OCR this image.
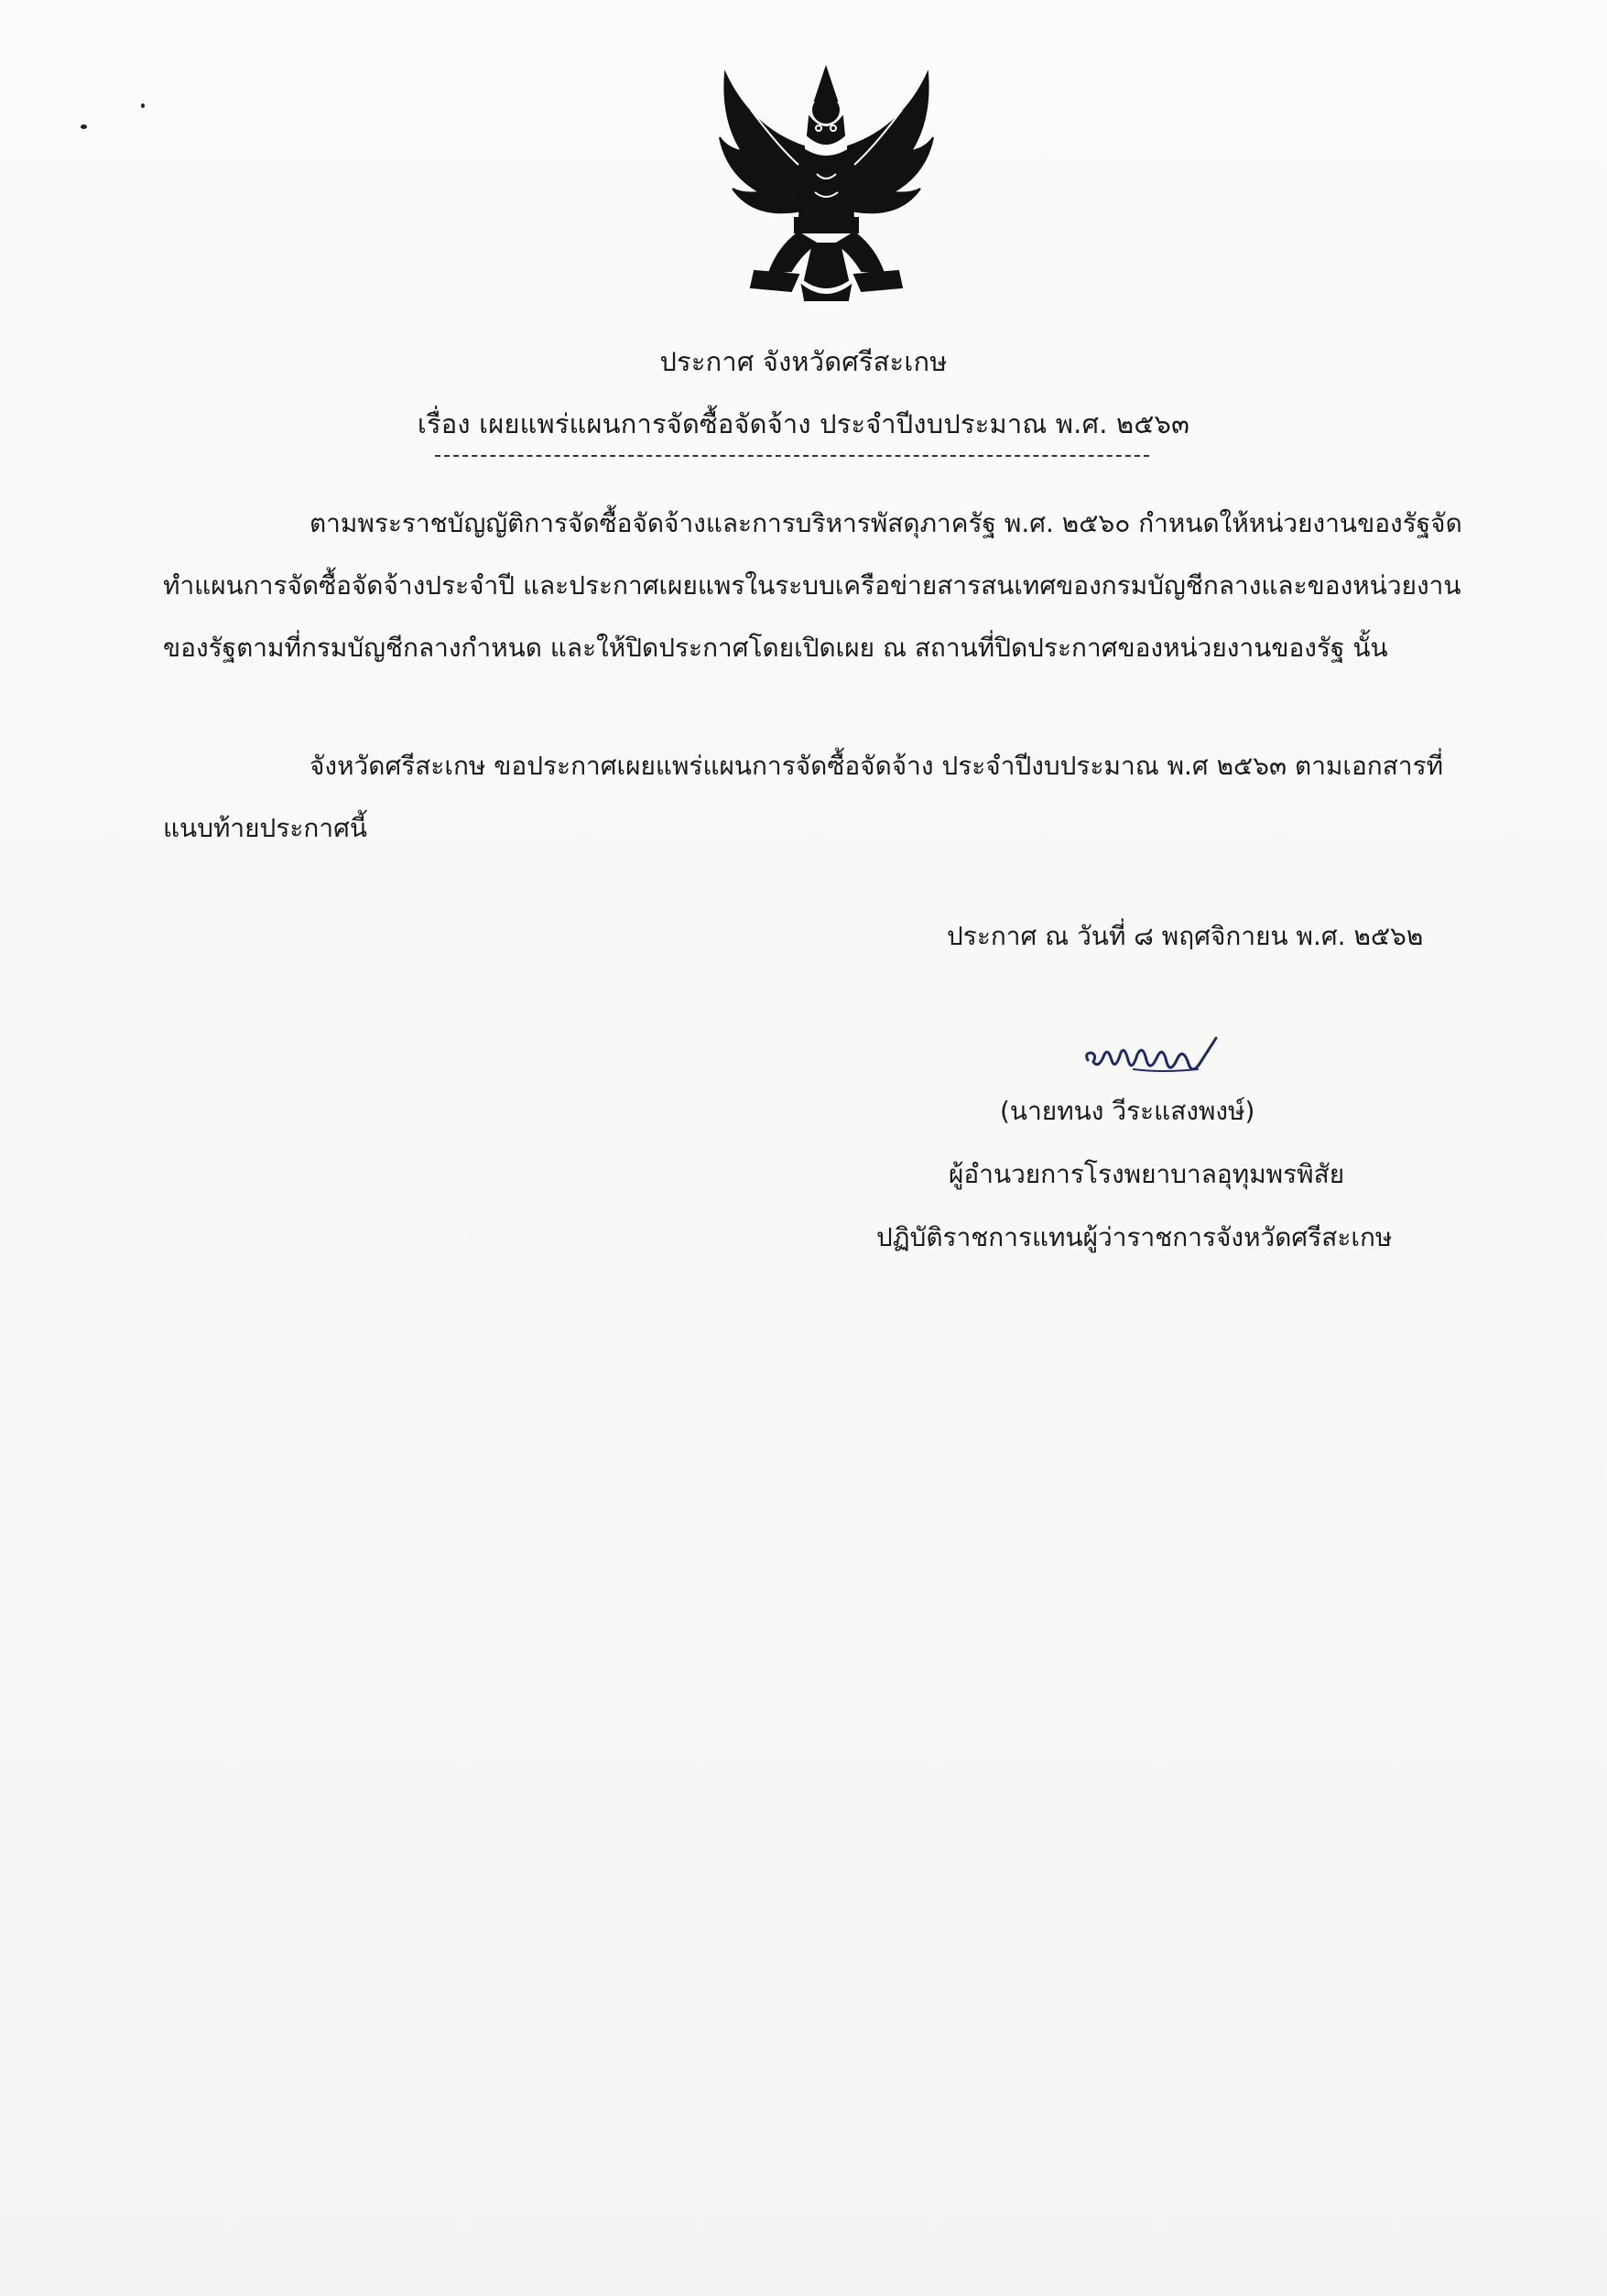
ประกาศ จังหวัดศรีสะเกษ
เรื่อง เผยแพร่แผนการจัดซื้อจัดจ้าง ประจำปีงบประมาณ พ.ศ. ๒๕๖๓
ตามพระราชบัญญัติการจัดซื้อจัดจ้างและการบริหารพัสดุภาครัฐ พ.ศ. ๒๕๖๐ กำหนดให้หน่วยงานของรัฐจัดทำแผนการจัดซื้อจัดจ้างประจำปี และประกาศเผยแพรในระบบเครือข่ายสารสนเทศของกรมบัญชีกลางและของหน่วยงานของรัฐตามที่กรมบัญชีกลางกำหนด และให้ปิดประกาศโดยเปิดเผย ณ สถานที่ปิดประกาศของหน่วยงานของรัฐ นั้น
จังหวัดศรีสะเกษ ขอประกาศเผยแพร่แผนการจัดซื้อจัดจ้าง ประจำปีงบประมาณ พ.ศ ๒๕๖๓ ตามเอกสารที่แนบท้ายประกาศนี้
ประกาศ ณ วันที่ ๘ พฤศจิกายน พ.ศ. ๒๕๖๒
(นายทนง วีระแสงพงษ์)
ผู้อำนวยการโรงพยาบาลอุทุมพรพิสัย
ปฏิบัติราชการแทนผู้ว่าราชการจังหวัดศรีสะเกษ
